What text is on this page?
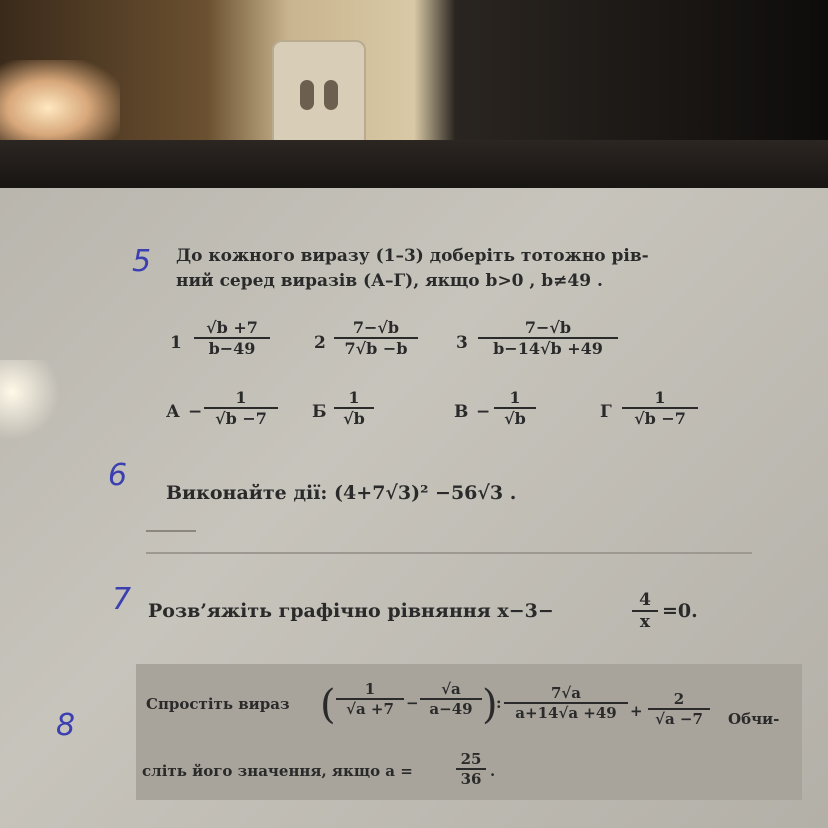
5 До кожного виразу (1–3) доберіть тотожно рів-
ний серед виразів (А–Г), якщо b>0 , b≠49 .
$1 \frac{√b +7}{b-49}$	$2 \frac{7-√b}{7√b -b} 3 \frac{7-√b}{b-14√b +49}$
$А - \frac{1}{√b -7}$ Б $\frac{1}{√b}$	$В - \frac{1}{√b}$	Г $\frac{1}{√b -7}$
6 Виконайте дії: (4+7√3)² −56√3 .
7 Розв’яжіть графічно рівняння x−3−	$\frac{4}{x} =0$.
8
Спростіть вираз ( $\frac{1}{√a +7} - \frac{√a}{a-49}$ )
: $\frac{7√a}{a+14√a +49} + \frac{2}{√a -7}$ Обчи-
сліть його значення, якщо a =	$\frac{25}{36}$ .
